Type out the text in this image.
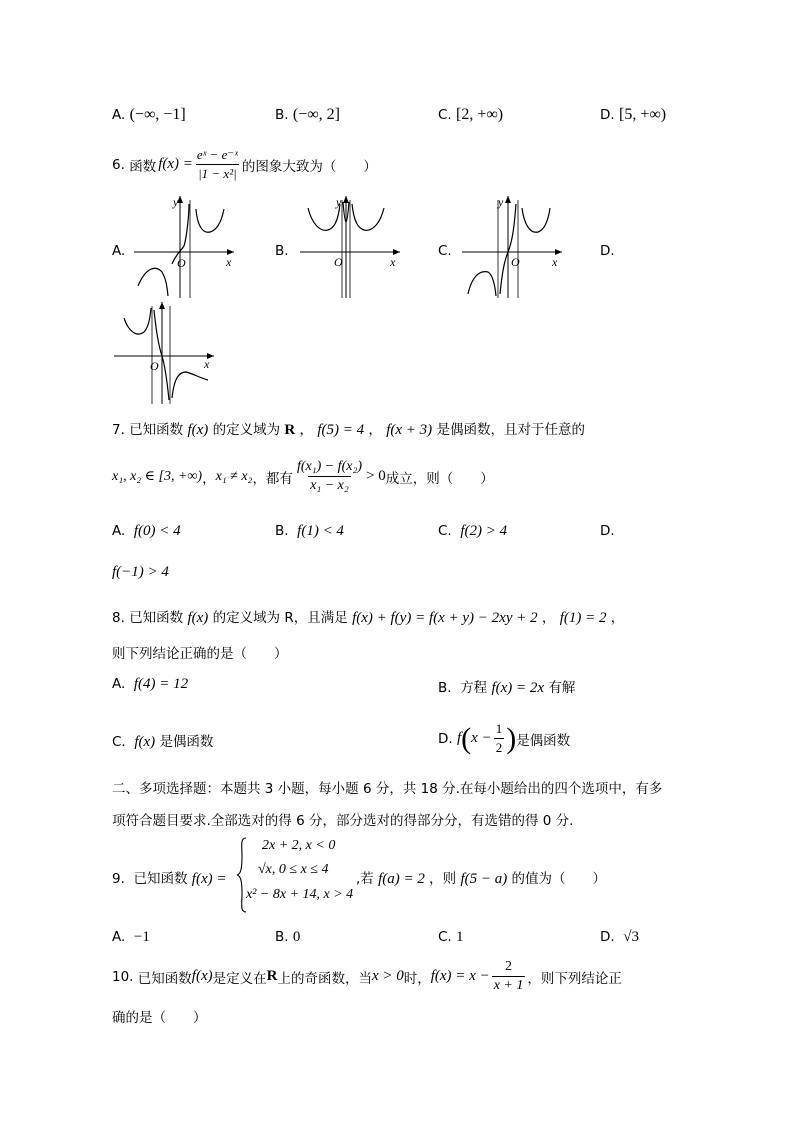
A. (−∞, −1]	B. (−∞, 2]	C. [2, +∞)	D. [5, +∞)
6.
函数 $f(x) = \frac{\text{eˣ − e⁻ˣ}}{\text{|1 − x²|}}$ 的图象大致为（　　）
A.	B.	C.	D.
O	x
y
O	x
y
O	x
y
O	x
7. 已知函数 f(x) 的定义域为 R ， f(5) = 4 ， f(x + 3) 是偶函数，且对于任意的
x₁, x₂ ∈ [3, +∞) ， x₁ ≠ x₂ ，都有 $\frac{\text{f(x₁) − f(x₂)}}{\text{x₁ − x₂}} > 0$ 成立，则（　　）
A. f(0) < 4	B. f(1) < 4	C. f(2) > 4	D.
f(−1) > 4
8. 已知函数 f(x) 的定义域为 R，且满足 f(x) + f(y) = f(x + y) − 2xy + 2 ， f(1) = 2 ，
则下列结论正确的是（　　）
A. f(4) = 12	B. 方程 f(x) = 2x 有解
C. f(x) 是偶函数	D.
f ( $x - \frac{1}{2}$ ) 是偶函数
二、多项选择题：本题共 3 小题，每小题 6 分，共 18 分.在每小题给出的四个选项中，有多
项符合题目要求.全部选对的得 6 分，部分选对的得部分分，有选错的得 0 分.
9. 已知函数 f(x) =
2x + 2, x < 0
√x, 0 ≤ x ≤ 4
x² − 8x + 14, x > 4
,若 f(a) = 2 ，则 f(5 − a) 的值为（　　）
A. −1	B. 0	C. 1	D. √3
10.
已知函数 f(x) 是定义在 R 上的奇函数，当 x > 0 时， $f(x) = x - \frac{2}{x + 1}$ ，则下列结论正
确的是（　　）
